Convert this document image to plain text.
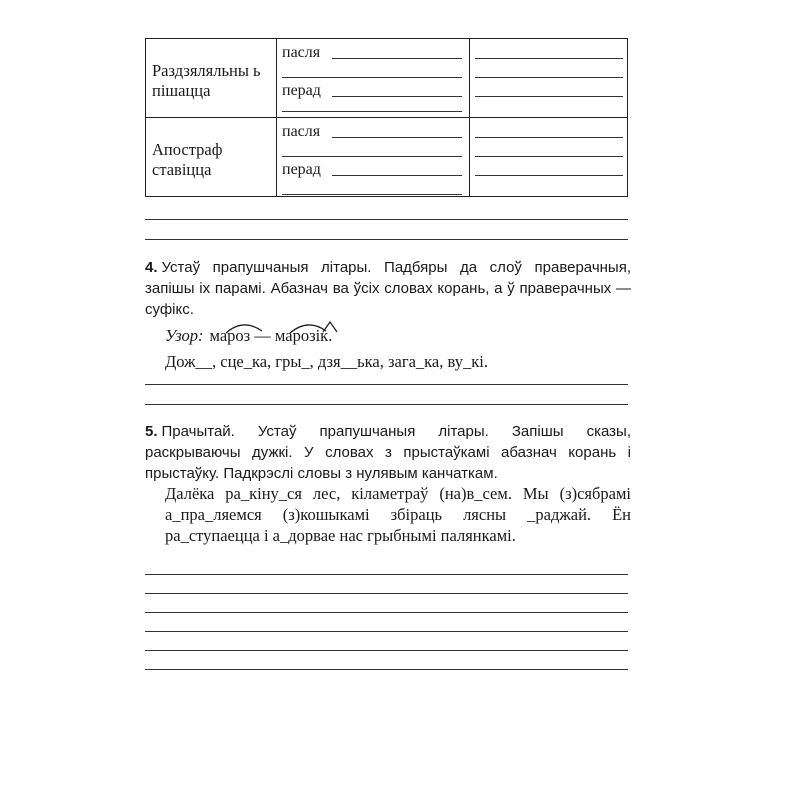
Раздзяляльны ь пішацца
пасля
перад
Апостраф ставіцца
пасля
перад
4. Устаў прапушчаныя літары. Падбяры да слоў праверачныя, запішы іх парамі. Абазнач ва ўсіх словах корань, а ў праверачных — суфікс.
Узор: мароз — марозік.
Дож__, сце_ка, гры_, дзя__ька, зага_ка, ву_кі.
5. Прачытай. Устаў прапушчаныя літары. Запішы сказы, раскрываючы дужкі. У словах з прыстаўкамі абазнач корань і прыстаўку. Падкрэслі словы з нулявым канчаткам.
Далёка ра_кіну_ся лес, кіламетраў (на)в_сем. Мы (з)сябрамі а_пра_ляемся (з)кошыкамі збіраць лясны _раджай. Ён ра_ступаецца і а_дорвае нас грыбнымі палянкамі.
